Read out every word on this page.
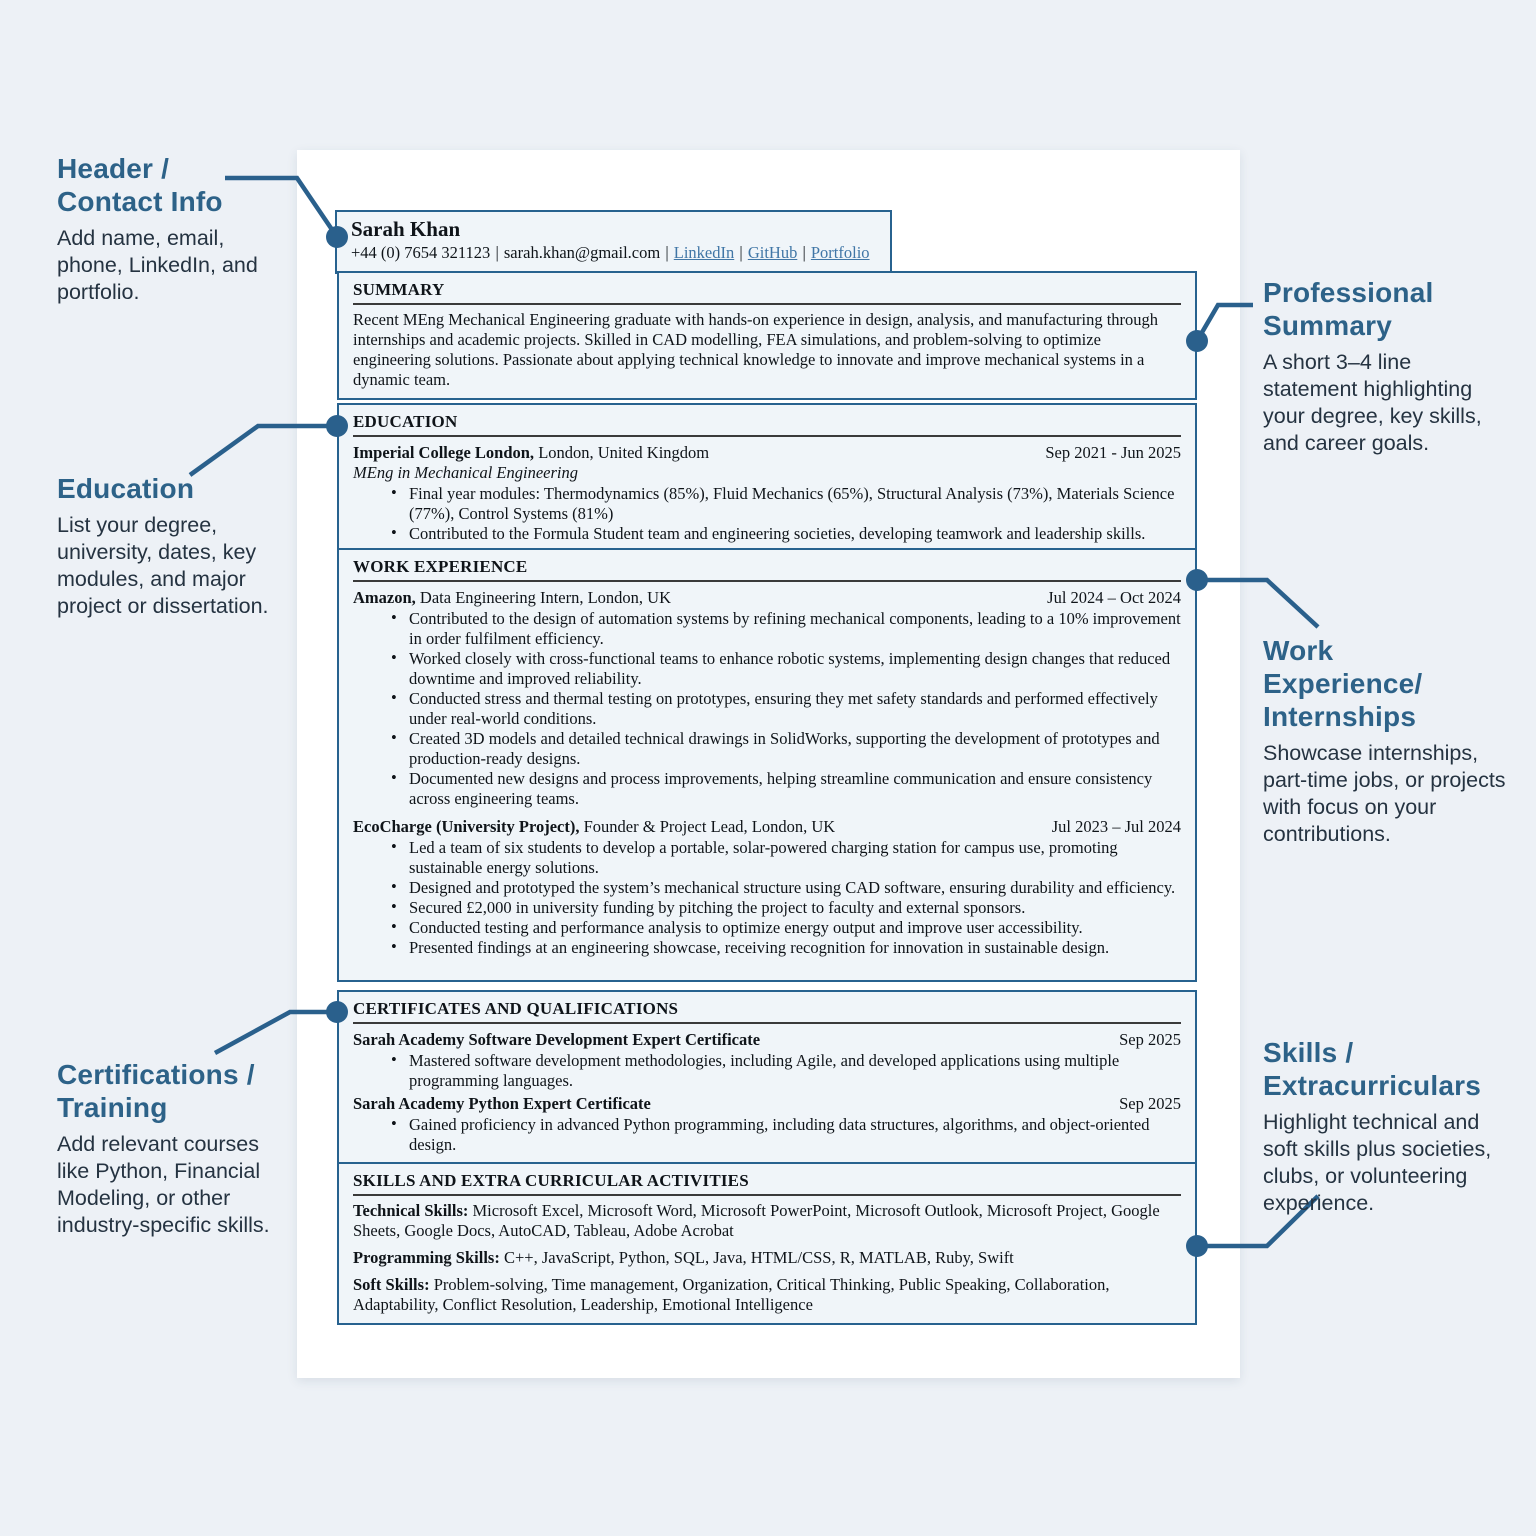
Sarah Khan
+44 (0) 7654 321123 | sarah.khan@gmail.com | LinkedIn | GitHub | Portfolio
SUMMARY
Recent MEng Mechanical Engineering graduate with hands-on experience in design, analysis, and manufacturing through internships and academic projects. Skilled in CAD modelling, FEA simulations, and problem-solving to optimize engineering solutions. Passionate about applying technical knowledge to innovate and improve mechanical systems in a dynamic team.
EDUCATION
Imperial College London, London, United Kingdom	Sep 2021 - Jun 2025
MEng in Mechanical Engineering
• Final year modules: Thermodynamics (85%), Fluid Mechanics (65%), Structural Analysis (73%), Materials Science (77%), Control Systems (81%)
• Contributed to the Formula Student team and engineering societies, developing teamwork and leadership skills.
WORK EXPERIENCE
Amazon, Data Engineering Intern, London, UK	Jul 2024 – Oct 2024
• Contributed to the design of automation systems by refining mechanical components, leading to a 10% improvement in order fulfilment efficiency.
• Worked closely with cross-functional teams to enhance robotic systems, implementing design changes that reduced downtime and improved reliability.
• Conducted stress and thermal testing on prototypes, ensuring they met safety standards and performed effectively under real-world conditions.
• Created 3D models and detailed technical drawings in SolidWorks, supporting the development of prototypes and production-ready designs.
• Documented new designs and process improvements, helping streamline communication and ensure consistency across engineering teams.
EcoCharge (University Project), Founder & Project Lead, London, UK	Jul 2023 – Jul 2024
• Led a team of six students to develop a portable, solar-powered charging station for campus use, promoting sustainable energy solutions.
• Designed and prototyped the system’s mechanical structure using CAD software, ensuring durability and efficiency.
• Secured £2,000 in university funding by pitching the project to faculty and external sponsors.
• Conducted testing and performance analysis to optimize energy output and improve user accessibility.
• Presented findings at an engineering showcase, receiving recognition for innovation in sustainable design.
CERTIFICATES AND QUALIFICATIONS
Sarah Academy Software Development Expert Certificate	Sep 2025
• Mastered software development methodologies, including Agile, and developed applications using multiple programming languages.
Sarah Academy Python Expert Certificate	Sep 2025
• Gained proficiency in advanced Python programming, including data structures, algorithms, and object-oriented design.
SKILLS AND EXTRA CURRICULAR ACTIVITIES

Technical Skills: Microsoft Excel, Microsoft Word, Microsoft PowerPoint, Microsoft Outlook, Microsoft Project, Google Sheets, Google Docs, AutoCAD, Tableau, Adobe Acrobat

Programming Skills: C++, JavaScript, Python, SQL, Java, HTML/CSS, R, MATLAB, Ruby, Swift

Soft Skills: Problem-solving, Time management, Organization, Critical Thinking, Public Speaking, Collaboration, Adaptability, Conflict Resolution, Leadership, Emotional Intelligence

Header /
Contact Info
Add name, email, phone, LinkedIn, and portfolio.
Education
List your degree, university, dates, key modules, and major project or dissertation.
Certifications /
Training
Add relevant courses like Python, Financial Modeling, or other industry-specific skills.
Professional
Summary
A short 3–4 line statement highlighting your degree, key skills, and career goals.
Work
Experience/
Internships
Showcase internships, part-time jobs, or projects with focus on your contributions.
Skills /
Extracurriculars
Highlight technical and soft skills plus societies, clubs, or volunteering experience.
